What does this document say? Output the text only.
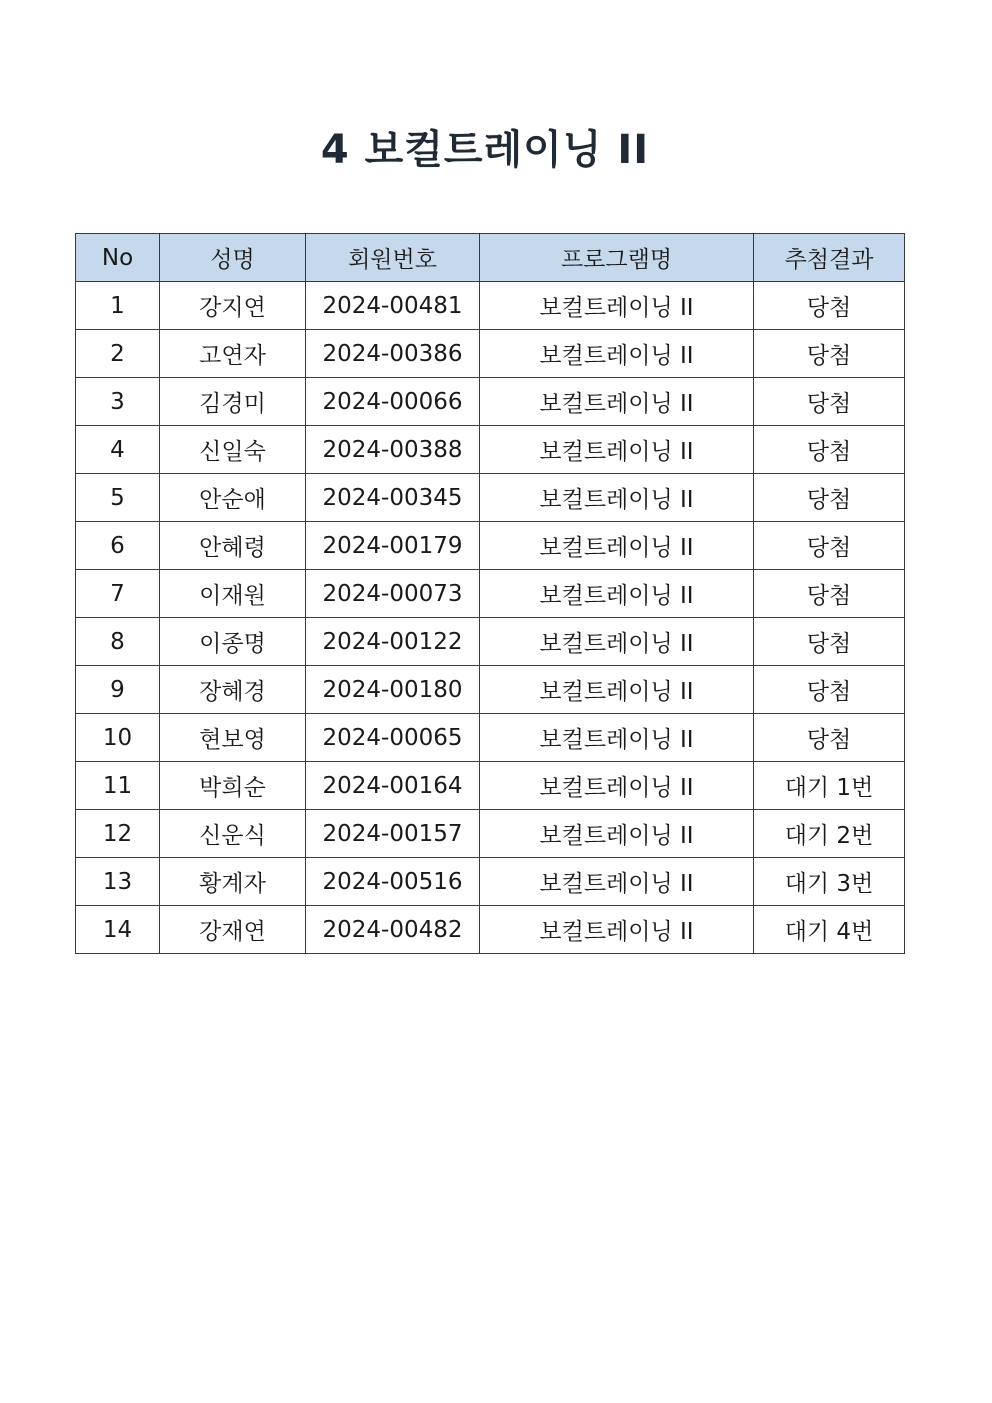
4 보컬트레이닝 II
No	성명	회원번호	프로그램명	추첨결과
1	강지연	2024-00481	보컬트레이닝 II	당첨
2	고연자	2024-00386	보컬트레이닝 II	당첨
3	김경미	2024-00066	보컬트레이닝 II	당첨
4	신일숙	2024-00388	보컬트레이닝 II	당첨
5	안순애	2024-00345	보컬트레이닝 II	당첨
6	안혜령	2024-00179	보컬트레이닝 II	당첨
7	이재원	2024-00073	보컬트레이닝 II	당첨
8	이종명	2024-00122	보컬트레이닝 II	당첨
9	장혜경	2024-00180	보컬트레이닝 II	당첨
10	현보영	2024-00065	보컬트레이닝 II	당첨
11	박희순	2024-00164	보컬트레이닝 II	대기 1번
12	신운식	2024-00157	보컬트레이닝 II	대기 2번
13	황계자	2024-00516	보컬트레이닝 II	대기 3번
14	강재연	2024-00482	보컬트레이닝 II	대기 4번
